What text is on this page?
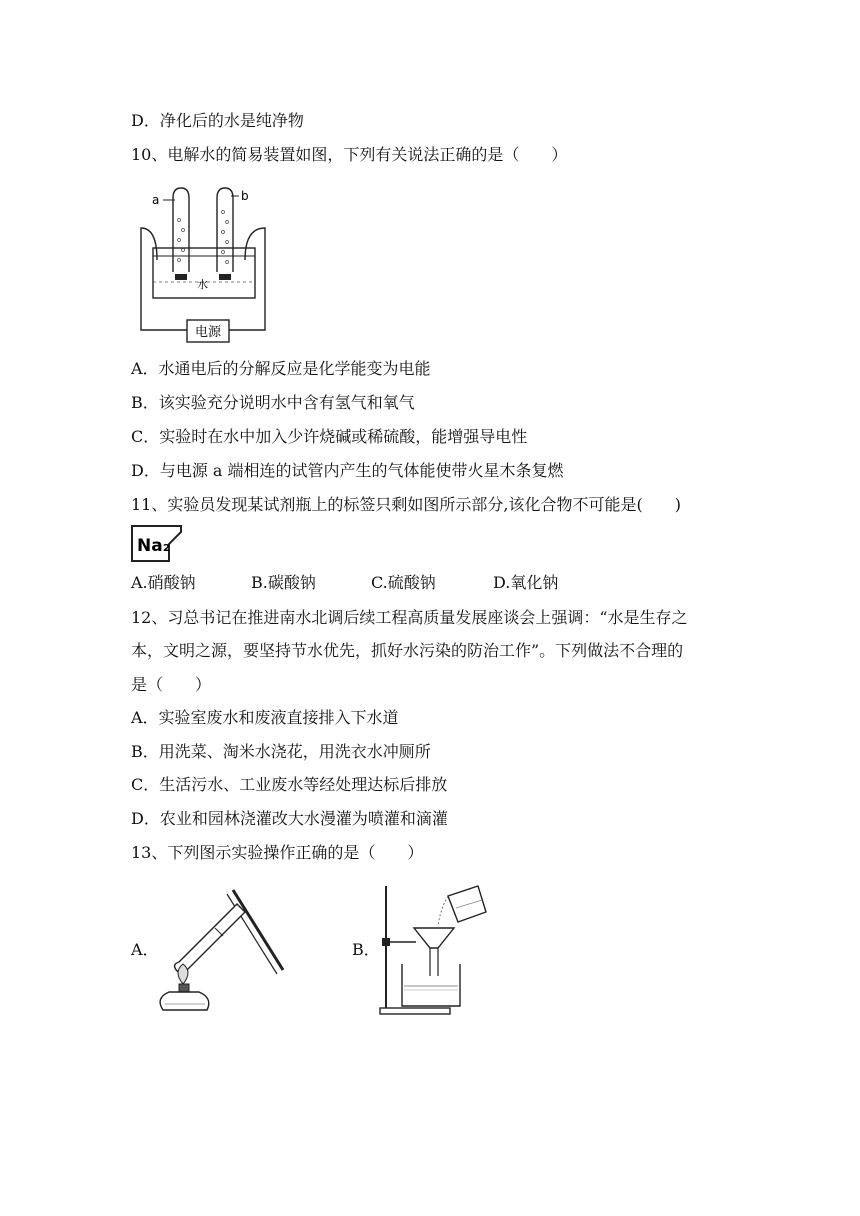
D．净化后的水是纯净物
10、电解水的简易装置如图，下列有关说法正确的是（　　）
a	b
水
电源
A．水通电后的分解反应是化学能变为电能
B．该实验充分说明水中含有氢气和氧气
C．实验时在水中加入少许烧碱或稀硫酸，能增强导电性
D．与电源 a 端相连的试管内产生的气体能使带火星木条复燃
11、实验员发现某试剂瓶上的标签只剩如图所示部分,该化合物不可能是(　　)
Na₂
A.硝酸钠	B.碳酸钠	C.硫酸钠	D.氧化钠
12、习总书记在推进南水北调后续工程高质量发展座谈会上强调：“水是生存之
本，文明之源，要坚持节水优先，抓好水污染的防治工作”。下列做法不合理的
是（　　）
A．实验室废水和废液直接排入下水道
B．用洗菜、淘米水浇花，用洗衣水冲厕所
C．生活污水、工业废水等经处理达标后排放
D．农业和园林浇灌改大水漫灌为喷灌和滴灌
13、下列图示实验操作正确的是（　　）
A．	B．
